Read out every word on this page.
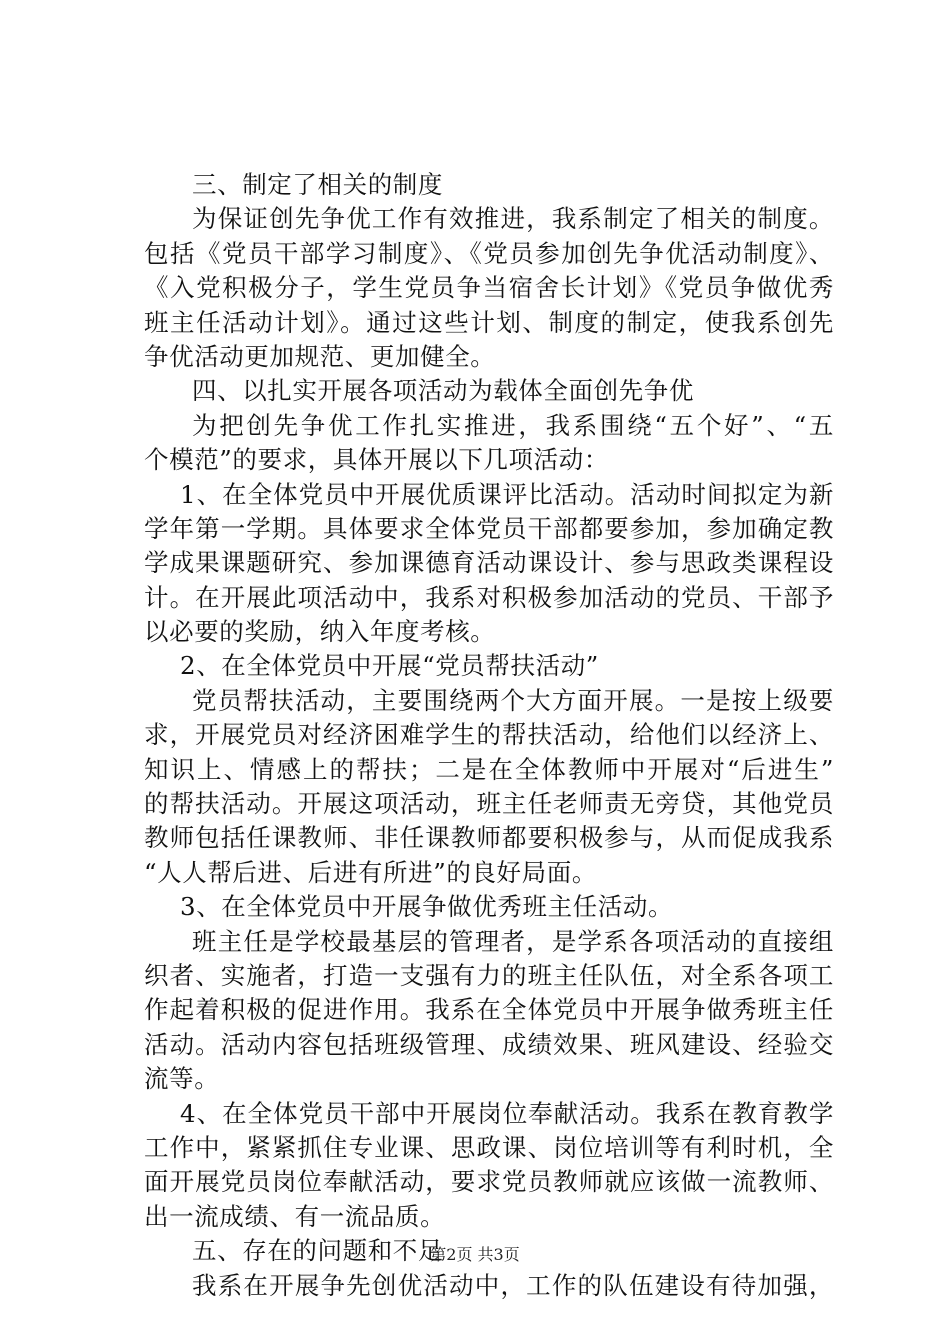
三、制定了相关的制度
为保证创先争优工作有效推进，我系制定了相关的制度。
包括《党员干部学习制度》、《党员参加创先争优活动制度》、
《入党积极分子，学生党员争当宿舍长计划》《党员争做优秀
班主任活动计划》。通过这些计划、制度的制定，使我系创先
争优活动更加规范、更加健全。
四、以扎实开展各项活动为载体全面创先争优
为把创先争优工作扎实推进，我系围绕“五个好”、“五
个模范”的要求，具体开展以下几项活动：
1、在全体党员中开展优质课评比活动。活动时间拟定为新
学年第一学期。具体要求全体党员干部都要参加，参加确定教
学成果课题研究、参加课德育活动课设计、参与思政类课程设
计。在开展此项活动中，我系对积极参加活动的党员、干部予
以必要的奖励，纳入年度考核。
2、在全体党员中开展“党员帮扶活动”
党员帮扶活动，主要围绕两个大方面开展。一是按上级要
求，开展党员对经济困难学生的帮扶活动，给他们以经济上、
知识上、情感上的帮扶；二是在全体教师中开展对“后进生”
的帮扶活动。开展这项活动，班主任老师责无旁贷，其他党员
教师包括任课教师、非任课教师都要积极参与，从而促成我系
“人人帮后进、后进有所进”的良好局面。
3、在全体党员中开展争做优秀班主任活动。
班主任是学校最基层的管理者，是学系各项活动的直接组
织者、实施者，打造一支强有力的班主任队伍，对全系各项工
作起着积极的促进作用。我系在全体党员中开展争做秀班主任
活动。活动内容包括班级管理、成绩效果、班风建设、经验交
流等。
4、在全体党员干部中开展岗位奉献活动。我系在教育教学
工作中，紧紧抓住专业课、思政课、岗位培训等有利时机，全
面开展党员岗位奉献活动，要求党员教师就应该做一流教师、
出一流成绩、有一流品质。
五、存在的问题和不足
我系在开展争先创优活动中，工作的队伍建设有待加强，
第2页 共3页
